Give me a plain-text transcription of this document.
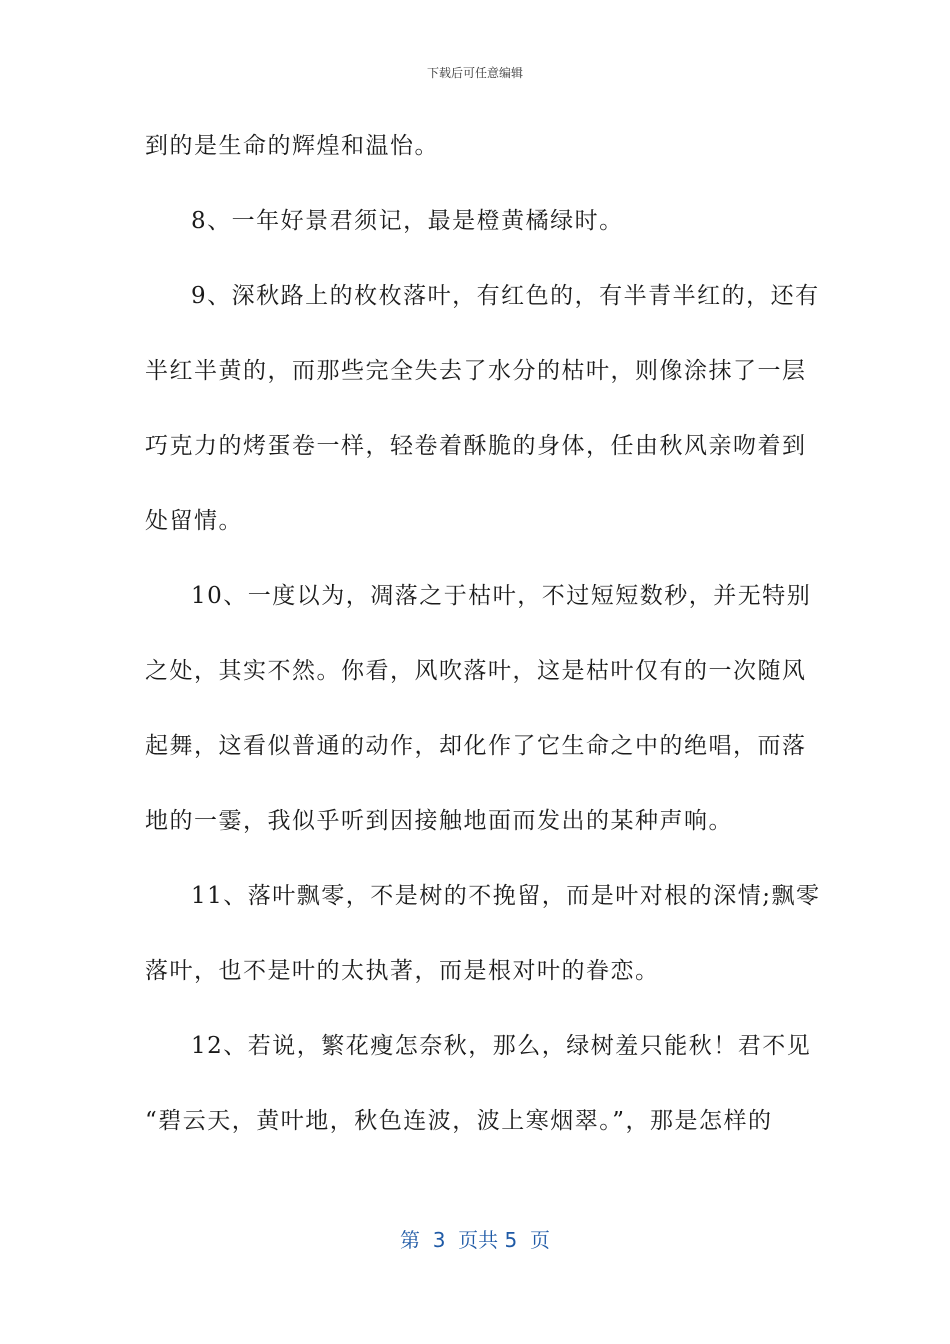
下载后可任意编辑
到的是生命的辉煌和温怡。
8、一年好景君须记，最是橙黄橘绿时。
9、深秋路上的枚枚落叶，有红色的，有半青半红的，还有
半红半黄的，而那些完全失去了水分的枯叶，则像涂抹了一层
巧克力的烤蛋卷一样，轻卷着酥脆的身体，任由秋风亲吻着到
处留情。
10、一度以为，凋落之于枯叶，不过短短数秒，并无特别
之处，其实不然。你看，风吹落叶，这是枯叶仅有的一次随风
起舞，这看似普通的动作，却化作了它生命之中的绝唱，而落
地的一霎，我似乎听到因接触地面而发出的某种声响。
11、落叶飘零，不是树的不挽留，而是叶对根的深情;飘零
落叶，也不是叶的太执著，而是根对叶的眷恋。
12、若说，繁花瘦怎奈秋，那么，绿树羞只能秋！君不见
“碧云天，黄叶地，秋色连波，波上寒烟翠。”，那是怎样的
第  3  页共 5  页
